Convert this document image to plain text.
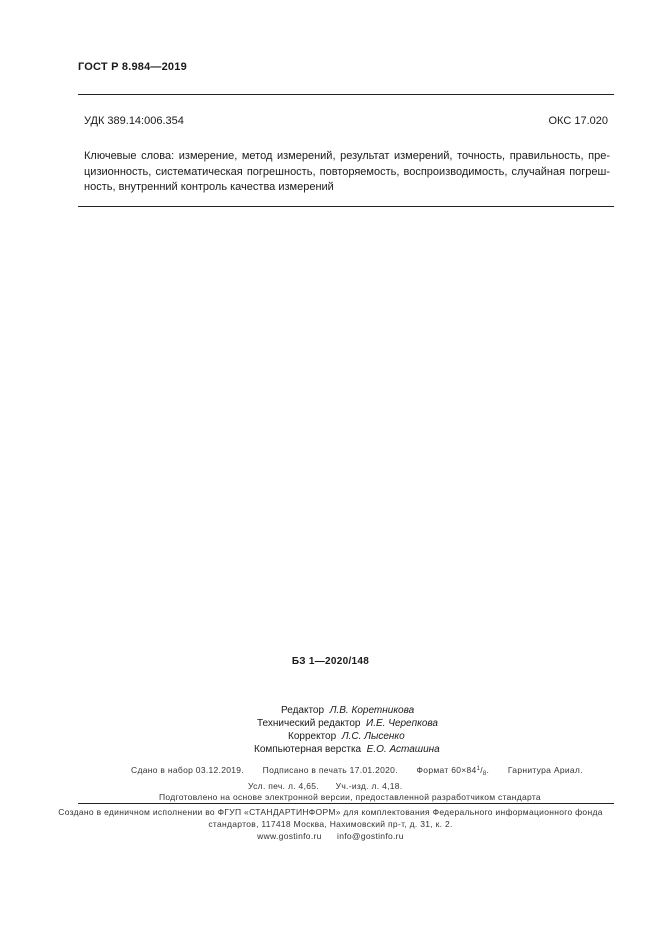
ГОСТ Р 8.984—2019
УДК 389.14:006.354	ОКС 17.020
Ключевые слова: измерение, метод измерений, результат измерений, точность, правильность, пре-
цизионность, систематическая погрешность, повторяемость, воспроизводимость, случайная погреш-
ность, внутренний контроль качества измерений
БЗ 1—2020/148
Редактор Л.В. Коретникова
Технический редактор И.Е. Черепкова
Корректор Л.С. Лысенко
Компьютерная верстка Е.О. Асташина
Сдано в набор 03.12.2019. Подписано в печать 17.01.2020. Формат $60\times 84^1/_8$. Гарнитура Ариал.
Усл. печ. л. 4,65. Уч.-изд. л. 4,18.
Подготовлено на основе электронной версии, предоставленной разработчиком стандарта
Создано в единичном исполнении во ФГУП «СТАНДАРТИНФОРМ» для комплектования Федерального информационного фонда
стандартов, 117418 Москва, Нахимовский пр-т, д. 31, к. 2.
www.gostinfo.ru info@gostinfo.ru
